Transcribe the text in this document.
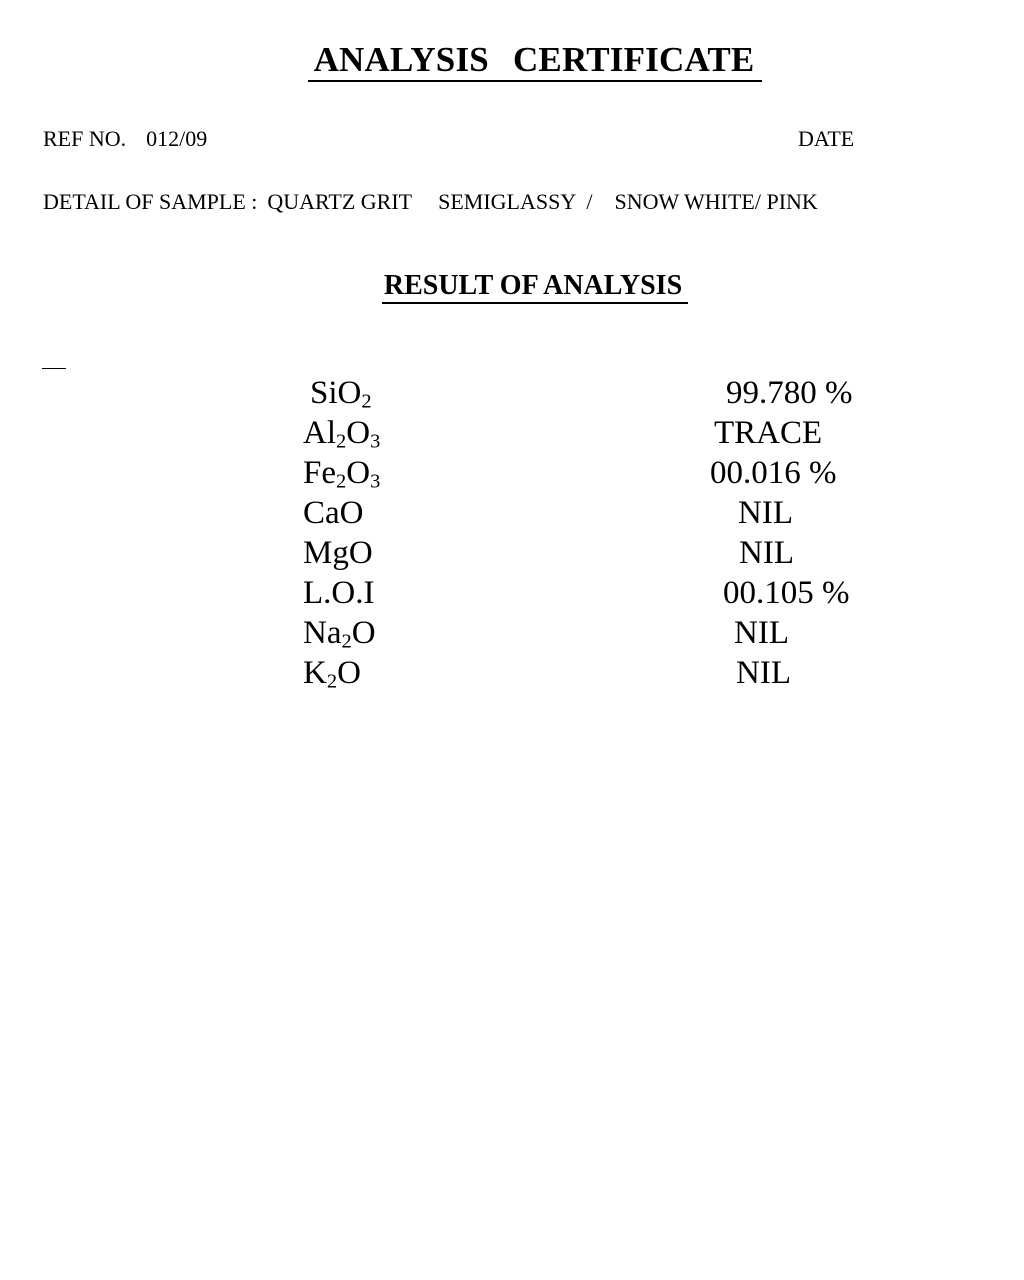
ANALYSIS CERTIFICATE
REF NO. 012/09	DATE
DETAIL OF SAMPLE : QUARTZ GRIT SEMIGLASSY  / SNOW WHITE/ PINK
RESULT OF ANALYSIS
SiO$_2$	99.780 %
$Al_2O_3$	TRACE
$Fe_2O_3$	00.016 %
CaO	NIL
MgO	NIL
L.O.I	00.105 %
$Na_2O$	NIL
$K_2O$	NIL
